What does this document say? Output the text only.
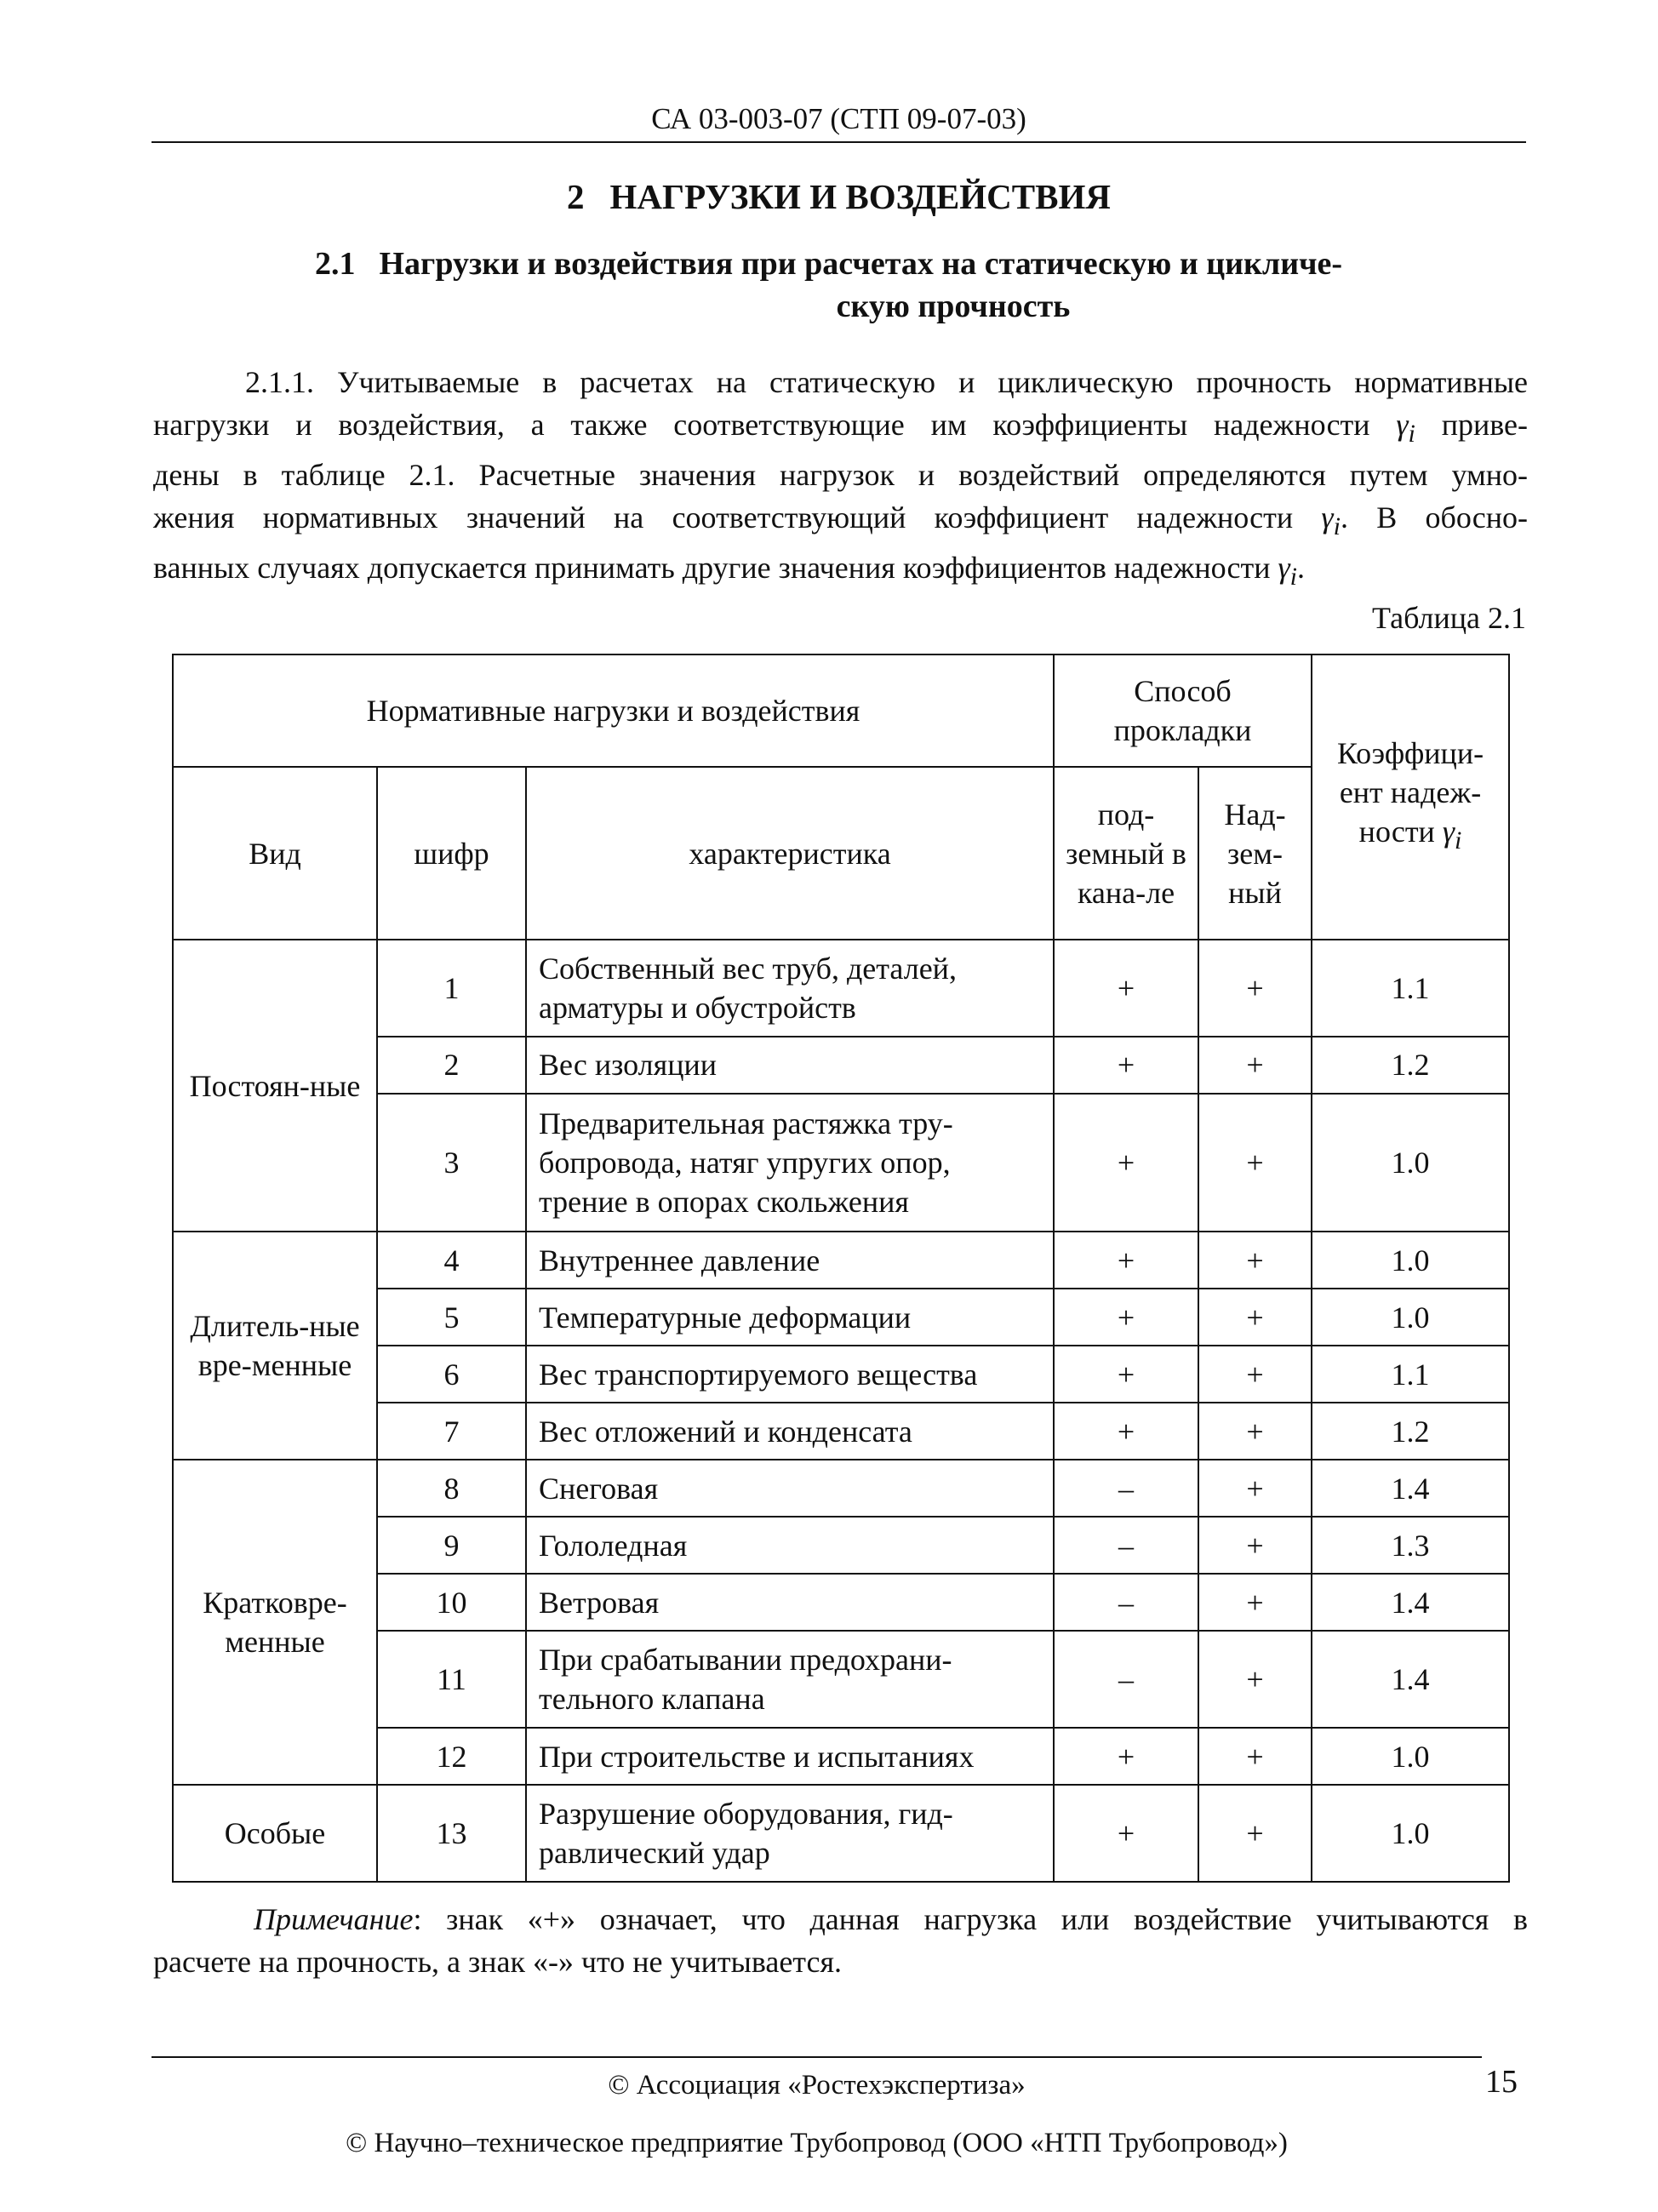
СА 03-003-07 (СТП 09-07-03)
2 НАГРУЗКИ И ВОЗДЕЙСТВИЯ
2.1 Нагрузки и воздействия при расчетах на статическую и цикличе-
скую прочность
2.1.1. Учитываемые в расчетах на статическую и циклическую прочность нормативные
нагрузки и воздействия, а также соответствующие им коэффициенты надежности $\gamma_i$ приве-
дены в таблице 2.1. Расчетные значения нагрузок и воздействий определяются путем умно-
жения нормативных значений на соответствующий коэффициент надежности $\gamma_i$. В обосно-
ванных случаях допускается принимать другие значения коэффициентов надежности $\gamma_i$.
Таблица 2.1
Нормативные нагрузки и воздействия			Способ прокладки		Коэффици-ент надеж-ности $\gamma_i$
Вид	шифр	характеристика	под-земный в кана-ле	Над-зем-ный	
Постоян-ные	1	Собственный вес труб, деталей, арматуры и обустройств	+	+	1.1
	2	Вес изоляции	+	+	1.2
	3	Предварительная растяжка тру-бопровода, натяг упругих опор, трение в опорах скольжения	+	+	1.0
Длитель-ные вре-менные	4	Внутреннее давление	+	+	1.0
	5	Температурные деформации	+	+	1.0
	6	Вес транспортируемого вещества	+	+	1.1
	7	Вес отложений и конденсата	+	+	1.2
Кратковре-менные	8	Снеговая	–	+	1.4
	9	Гололедная	–	+	1.3
	10	Ветровая	–	+	1.4
	11	При срабатывании предохрани-тельного клапана	–	+	1.4
	12	При строительстве и испытаниях	+	+	1.0
Особые	13	Разрушение оборудования, гид-равлический удар	+	+	1.0
Примечание: знак «+» означает, что данная нагрузка или воздействие учитываются в
расчете на прочность, а знак «-» что не учитывается.
© Ассоциация «Ростехэкспертиза»	15
© Научно–техническое предприятие Трубопровод (ООО «НТП Трубопровод»)
